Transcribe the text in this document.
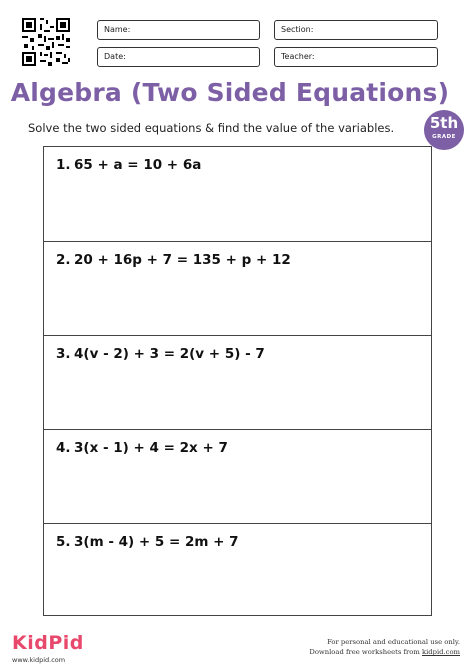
Name:	Section:
Date:	Teacher:
Algebra (Two Sided Equations)
Solve the two sided equations & find the value of the variables.	5th
GRADE
1. 65 + a = 10 + 6a
2. 20 + 16p + 7 = 135 + p + 12
3. 4(v - 2) + 3 = 2(v + 5) - 7
4. 3(x - 1) + 4 = 2x + 7
5. 3(m - 4) + 5 = 2m + 7
KidPid
www.kidpid.com
For personal and educational use only.
Download free worksheets from kidpid.com
